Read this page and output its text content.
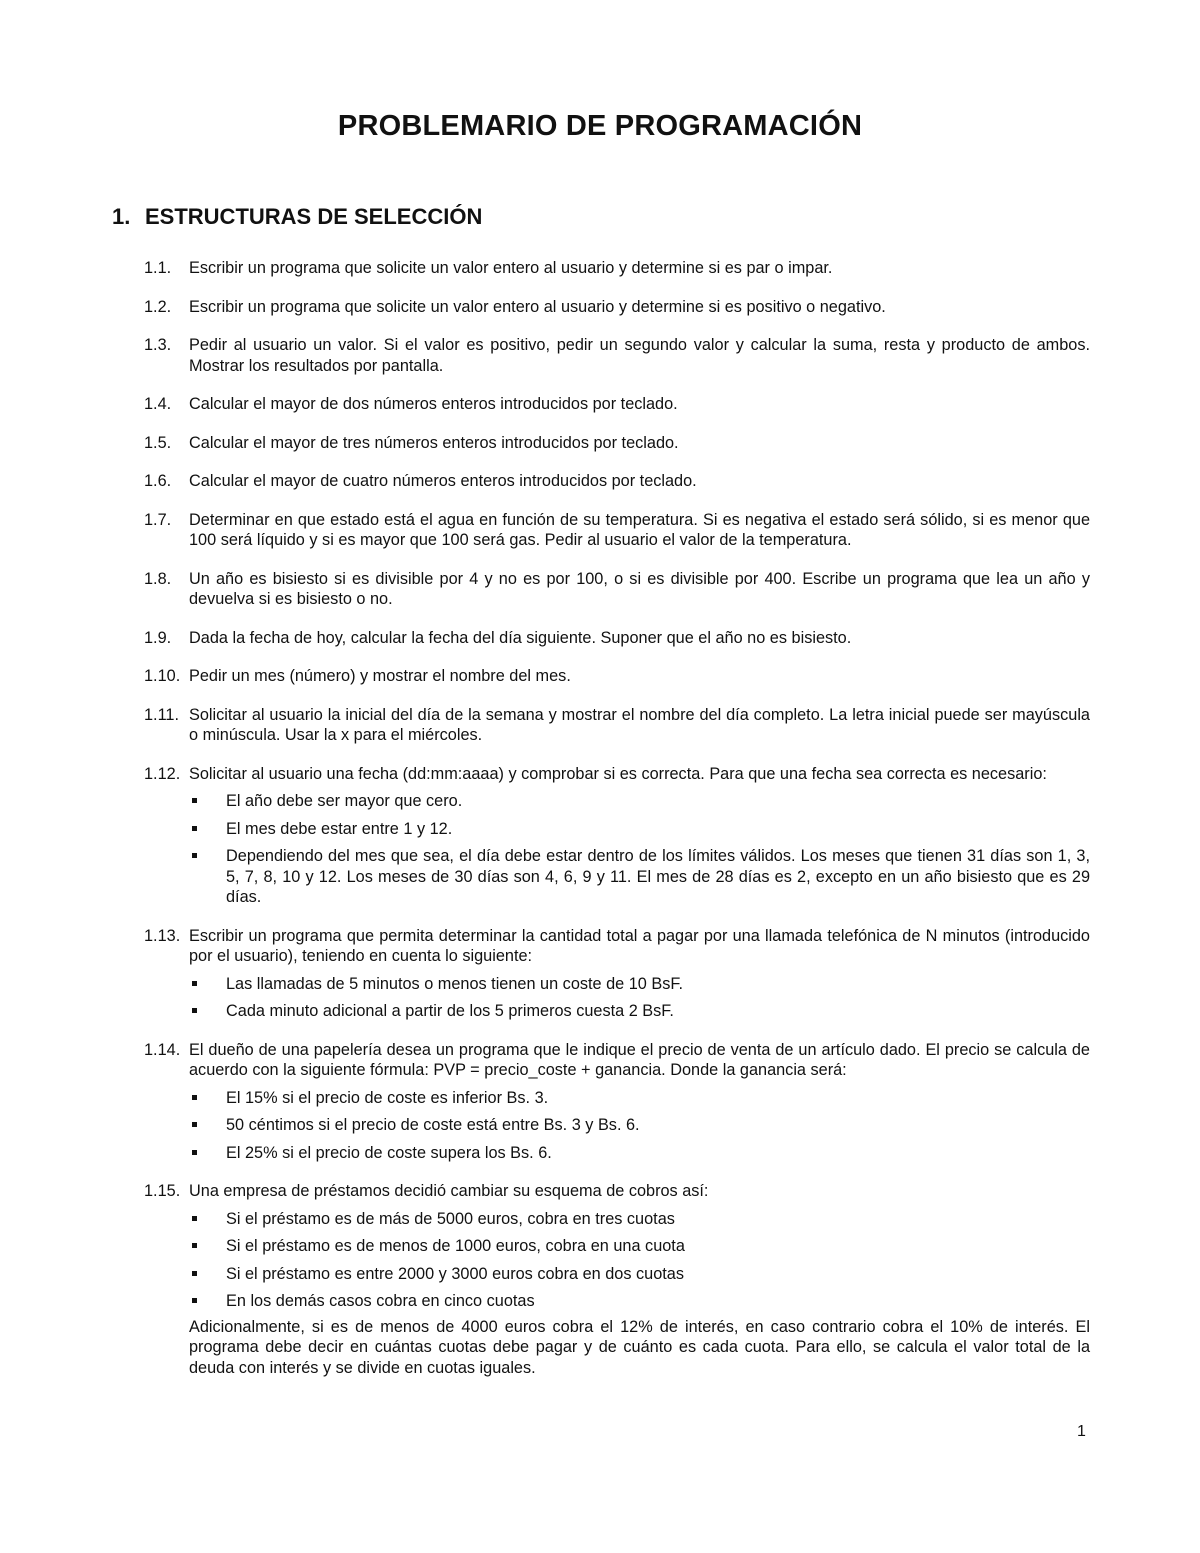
PROBLEMARIO DE PROGRAMACIÓN
1. ESTRUCTURAS DE SELECCIÓN
1.1. Escribir un programa que solicite un valor entero al usuario y determine si es par o impar.
1.2. Escribir un programa que solicite un valor entero al usuario y determine si es positivo o negativo.
1.3. Pedir al usuario un valor. Si el valor es positivo, pedir un segundo valor y calcular la suma, resta y producto de ambos. Mostrar los resultados por pantalla.
1.4. Calcular el mayor de dos números enteros introducidos por teclado.
1.5. Calcular el mayor de tres números enteros introducidos por teclado.
1.6. Calcular el mayor de cuatro números enteros introducidos por teclado.
1.7. Determinar en que estado está el agua en función de su temperatura. Si es negativa el estado será sólido, si es menor que 100 será líquido y si es mayor que 100 será gas. Pedir al usuario el valor de la temperatura.
1.8. Un año es bisiesto si es divisible por 4 y no es por 100, o si es divisible por 400. Escribe un programa que lea un año y devuelva si es bisiesto o no.
1.9. Dada la fecha de hoy, calcular la fecha del día siguiente. Suponer que el año no es bisiesto.
1.10. Pedir un mes (número) y mostrar el nombre del mes.
1.11. Solicitar al usuario la inicial del día de la semana y mostrar el nombre del día completo. La letra inicial puede ser mayúscula o minúscula. Usar la x para el miércoles.
1.12. Solicitar al usuario una fecha (dd:mm:aaaa) y comprobar si es correcta. Para que una fecha sea correcta es necesario:
El año debe ser mayor que cero.
El mes debe estar entre 1 y 12.
Dependiendo del mes que sea, el día debe estar dentro de los límites válidos. Los meses que tienen 31 días son 1, 3, 5, 7, 8, 10 y 12. Los meses de 30 días son 4, 6, 9 y 11. El mes de 28 días es 2, excepto en un año bisiesto que es 29 días.
1.13. Escribir un programa que permita determinar la cantidad total a pagar por una llamada telefónica de N minutos (introducido por el usuario), teniendo en cuenta lo siguiente:
Las llamadas de 5 minutos o menos tienen un coste de 10 BsF.
Cada minuto adicional a partir de los 5 primeros cuesta 2 BsF.
1.14. El dueño de una papelería desea un programa que le indique el precio de venta de un artículo dado. El precio se calcula de acuerdo con la siguiente fórmula: PVP = precio_coste + ganancia. Donde la ganancia será:
El 15% si el precio de coste es inferior Bs. 3.
50 céntimos si el precio de coste está entre Bs. 3 y Bs. 6.
El 25% si el precio de coste supera los Bs. 6.
1.15. Una empresa de préstamos decidió cambiar su esquema de cobros así:
Si el préstamo es de más de 5000 euros, cobra en tres cuotas
Si el préstamo es de menos de 1000 euros, cobra en una cuota
Si el préstamo es entre 2000 y 3000 euros cobra en dos cuotas
En los demás casos cobra en cinco cuotas
Adicionalmente, si es de menos de 4000 euros cobra el 12% de interés, en caso contrario cobra el 10% de interés. El programa debe decir en cuántas cuotas debe pagar y de cuánto es cada cuota. Para ello, se calcula el valor total de la deuda con interés y se divide en cuotas iguales.
1
